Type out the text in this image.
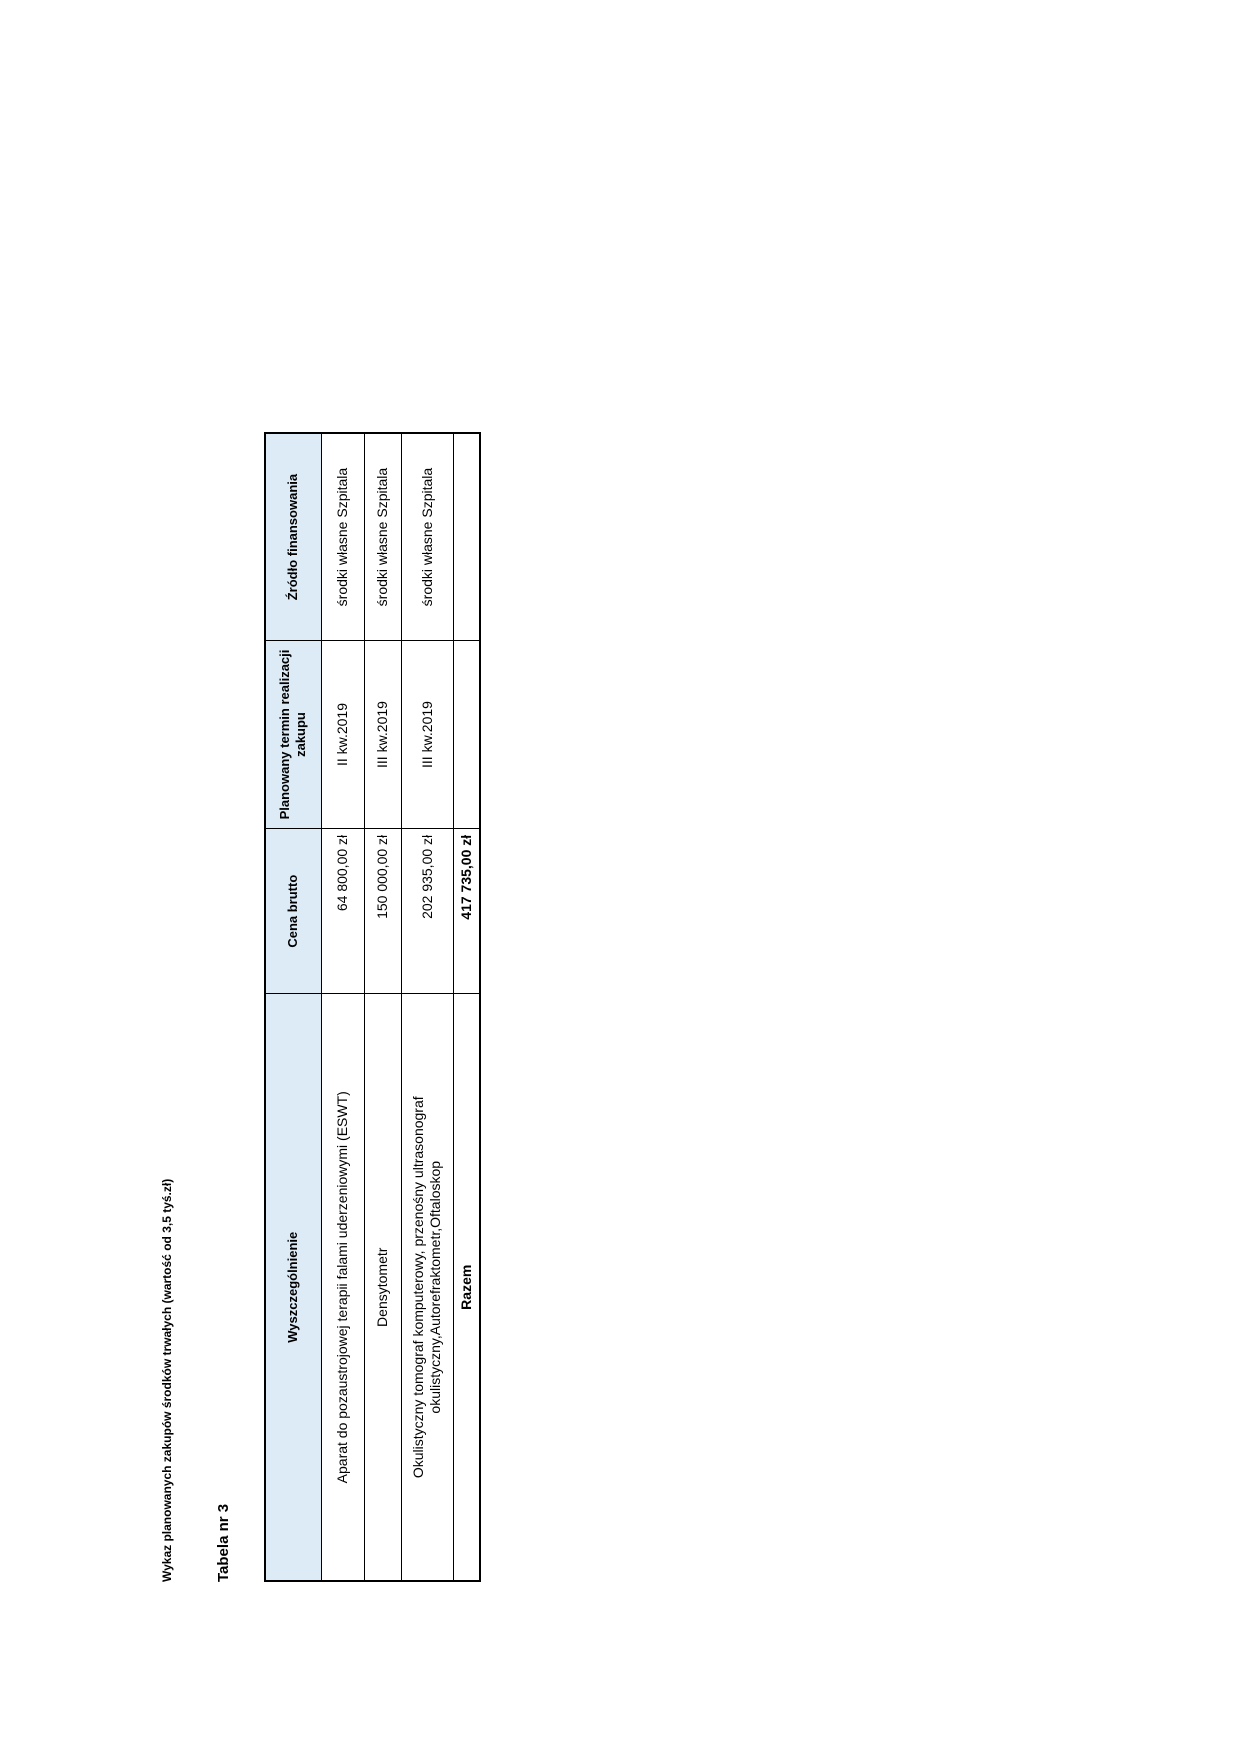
Wykaz planowanych zakupów środków trwałych (wartość od 3,5 tyś.zł)	Tabela nr 3
Wyszczególnienie	Cena brutto	Planowany termin realizacji zakupu	Źródło finansowania
Aparat do pozaustrojowej terapii falami uderzeniowymi (ESWT)	64 800,00 zł	II kw.2019	środki własne Szpitala
Densytometr	150 000,00 zł	III kw.2019	środki własne Szpitala
Okulistyczny tomograf komputerowy, przenośny ultrasonograf okulistyczny,Autorefraktometr,Oftaloskop	202 935,00 zł	III kw.2019	środki własne Szpitala
Razem	417 735,00 zł		
